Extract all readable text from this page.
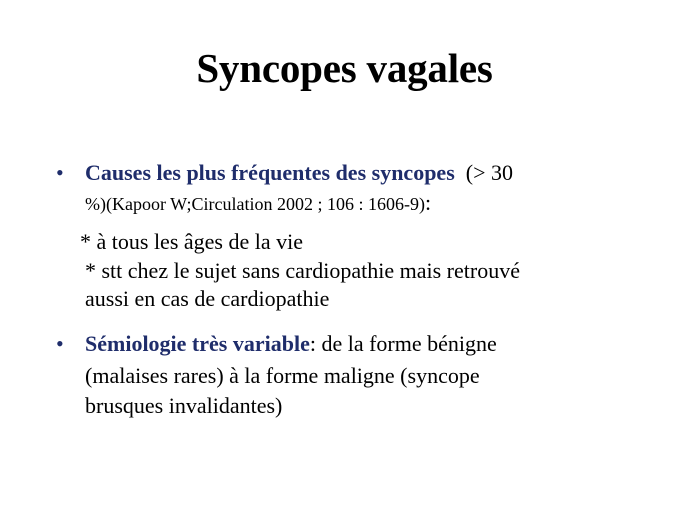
Syncopes vagales
• Causes les plus fréquentes des syncopes  (> 30
%)(Kapoor W;Circulation 2002 ; 106 : 1606-9):
* à tous les âges de la vie
* stt chez le sujet sans cardiopathie mais retrouvé
aussi en cas de cardiopathie
• Sémiologie très variable: de la forme bénigne
(malaises rares) à la forme maligne (syncope
brusques invalidantes)
